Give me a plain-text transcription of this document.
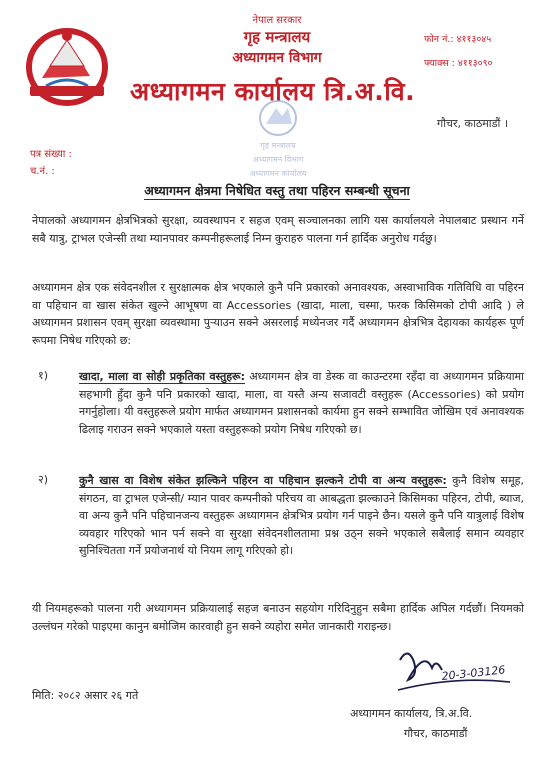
नेपाल सरकार
गृह मन्त्रालय
अध्यागमन विभाग
अध्यागमन कार्यालय त्रि.अ.वि.
फोन नं.: ४११३०४५
फ्याक्स : ४११३०९०
गौचर, काठमाडौं ।
पत्र संख्या :
च.नं. :
गृह मन्त्रालय
अध्यागमन विभाग
अध्यागमन कार्यालय
अध्यागमन क्षेत्रमा निषेधित वस्तु तथा पहिरन सम्बन्धी सूचना
नेपालको अध्यागमन क्षेत्रभित्रको सुरक्षा, व्यवस्थापन र सहज एवम् सञ्चालनका लागि यस कार्यालयले नेपालबाट प्रस्थान गर्ने सबै यात्रु, ट्राभल एजेन्सी तथा म्यानपावर कम्पनीहरूलाई निम्न कुराहरु पालना गर्न हार्दिक अनुरोध गर्दछु।
अध्यागमन क्षेत्र एक संवेदनशील र सुरक्षात्मक क्षेत्र भएकाले कुनै पनि प्रकारको अनावश्यक, अस्वाभाविक गतिविधि वा पहिरन वा पहिचान वा खास संकेत खुल्ने आभूषण वा Accessories (खादा, माला, चस्मा, फरक किसिमको टोपी आदि ) ले अध्यागमन प्रशासन एवम् सुरक्षा व्यवस्थामा पुऱ्याउन सक्ने असरलाई मध्येनजर गर्दै अध्यागमन क्षेत्रभित्र देहायका कार्यहरू पूर्ण रूपमा निषेध गरिएको छ:
१)	खादा, माला वा सोही प्रकृतिका वस्तुहरू: अध्यागमन क्षेत्र वा डेस्क वा काउन्टरमा रहँदा वा अध्यागमन प्रक्रियामा सहभागी हुँदा कुनै पनि प्रकारको खादा, माला, वा यस्तै अन्य सजावटी वस्तुहरू (Accessories) को प्रयोग नगर्नुहोला। यी वस्तुहरूले प्रयोग मार्फत अध्यागमन प्रशासनको कार्यमा हुन सक्ने सम्भावित जोखिम एवं अनावश्यक ढिलाइ गराउन सक्ने भएकाले यस्ता वस्तुहरूको प्रयोग निषेध गरिएको छ।
२)	कुनै खास वा विशेष संकेत झल्किने पहिरन वा पहिचान झल्कने टोपी वा अन्य वस्तुहरू: कुनै विशेष समूह, संगठन, वा ट्राभल एजेन्सी/ म्यान पावर कम्पनीको परिचय वा आबद्धता झल्काउने किसिमका पहिरन, टोपी, ब्याज, वा अन्य कुनै पनि पहिचानजन्य वस्तुहरू अध्यागमन क्षेत्रभित्र प्रयोग गर्न पाइने छैन। यसले कुनै पनि यात्रुलाई विशेष व्यवहार गरिएको भान पर्न सक्ने वा सुरक्षा संवेदनशीलतामा प्रश्न उठ्न सक्ने भएकाले सबैलाई समान व्यवहार सुनिश्चितता गर्ने प्रयोजनार्थ यो नियम लागू गरिएको हो।
यी नियमहरूको पालना गरी अध्यागमन प्रक्रियालाई सहज बनाउन सहयोग गरिदिनुहुन सबैमा हार्दिक अपिल गर्दछौं। नियमको उल्लंघन गरेको पाइएमा कानुन बमोजिम कारवाही हुन सक्ने व्यहोरा समेत जानकारी गराइन्छ।
मिति: २०८२ असार २६ गते
20-3-03126
अध्यागमन कार्यालय, त्रि.अ.वि.
गौचर, काठमाडौं
